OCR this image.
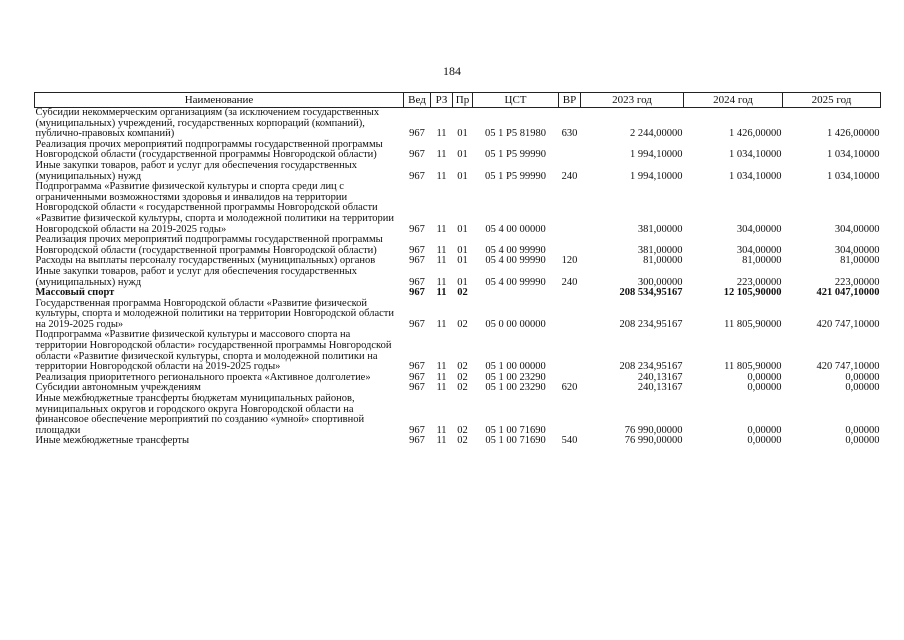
184
Наименование	Вед	РЗ	Пр	ЦСТ	ВР	2023 год	2024 год	2025 год
Субсидии некоммерческим организациям (за исключением государственных (муниципальных) учреждений, государственных корпораций (компаний), публично-правовых компаний)	967	11	01	05 1 Р5 81980	630	2 244,00000	1 426,00000	1 426,00000
Реализация прочих мероприятий подпрограммы государственной программы Новгородской области (государственной программы Новгородской области)	967	11	01	05 1 Р5 99990		1 994,10000	1 034,10000	1 034,10000
Иные закупки товаров, работ и услуг для обеспечения государственных (муниципальных) нужд	967	11	01	05 1 Р5 99990	240	1 994,10000	1 034,10000	1 034,10000
Подпрограмма «Развитие физической культуры и спорта среди лиц с ограниченными возможностями здоровья и инвалидов на территории Новгородской области « государственной программы Новгородской области «Развитие физической культуры, спорта и молодежной политики на территории Новгородской области на 2019-2025 годы»	967	11	01	05 4 00 00000		381,00000	304,00000	304,00000
Реализация прочих мероприятий подпрограммы государственной программы Новгородской области (государственной программы Новгородской области)	967	11	01	05 4 00 99990		381,00000	304,00000	304,00000
Расходы на выплаты персоналу государственных (муниципальных) органов	967	11	01	05 4 00 99990	120	81,00000	81,00000	81,00000
Иные закупки товаров, работ и услуг для обеспечения государственных (муниципальных) нужд	967	11	01	05 4 00 99990	240	300,00000	223,00000	223,00000
Массовый спорт	967	11	02			208 534,95167	12 105,90000	421 047,10000
Государственная программа Новгородской области «Развитие физической культуры, спорта и молодежной политики на территории Новгородской области на 2019-2025 годы»	967	11	02	05 0 00 00000		208 234,95167	11 805,90000	420 747,10000
Подпрограмма «Развитие физической культуры и массового спорта на территории Новгородской области» государственной программы Новгородской области «Развитие физической культуры, спорта и молодежной политики на территории Новгородской области на 2019-2025 годы»	967	11	02	05 1 00 00000		208 234,95167	11 805,90000	420 747,10000
Реализация приоритетного регионального проекта «Активное долголетие»	967	11	02	05 1 00 23290		240,13167	0,00000	0,00000
Субсидии автономным учреждениям	967	11	02	05 1 00 23290	620	240,13167	0,00000	0,00000
Иные межбюджетные трансферты бюджетам муниципальных районов, муниципальных округов и городского округа Новгородской области на финансовое обеспечение мероприятий по созданию «умной» спортивной площадки	967	11	02	05 1 00 71690		76 990,00000	0,00000	0,00000
Иные межбюджетные трансферты	967	11	02	05 1 00 71690	540	76 990,00000	0,00000	0,00000
